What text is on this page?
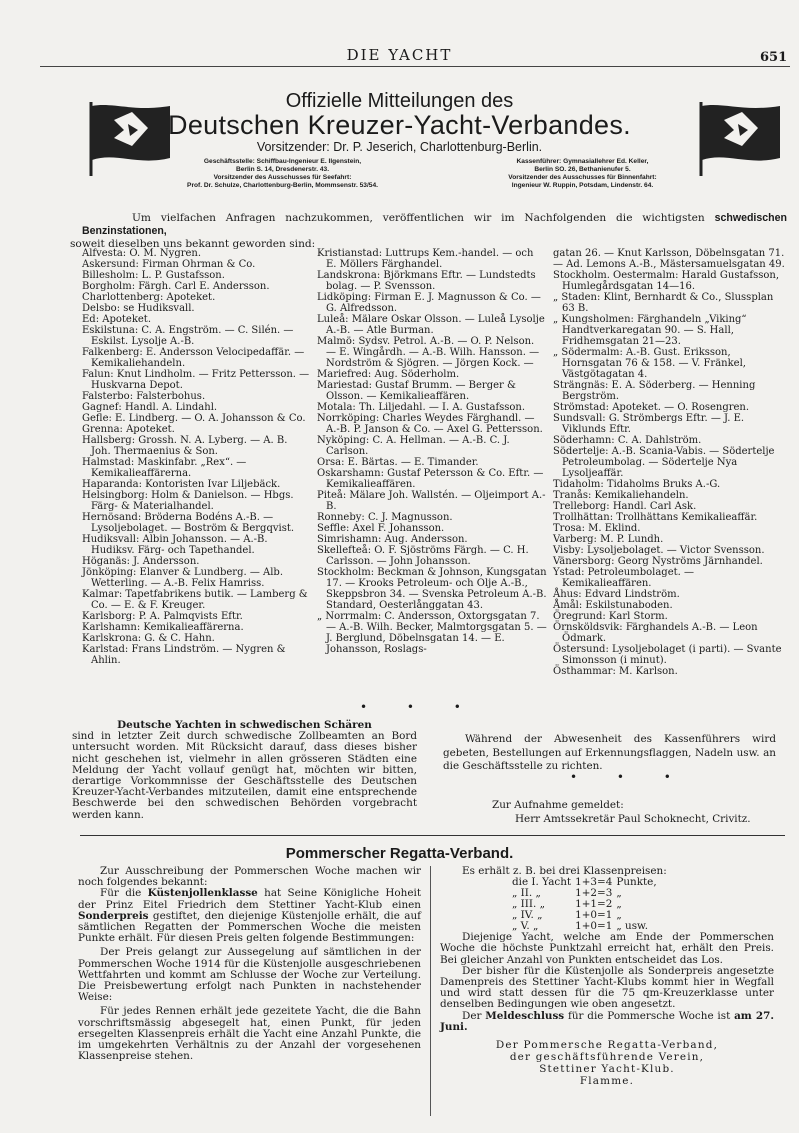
DIE YACHT	651
Offizielle Mitteilungen des
Deutschen Kreuzer-Yacht-Verbandes.
Vorsitzender: Dr. P. Jeserich, Charlottenburg-Berlin.
Geschäftsstelle: Schiffbau-Ingenieur E. Ilgenstein,
Berlin S. 14, Dresdenerstr. 43.
Vorsitzender des Ausschusses für Seefahrt:
Prof. Dr. Schulze, Charlottenburg-Berlin, Mommsenstr. 53/54.
Kassenführer: Gymnasiallehrer Ed. Keller,
Berlin SO. 26, Bethanienufer 5.
Vorsitzender des Ausschusses für Binnenfahrt:
Ingenieur W. Ruppin, Potsdam, Lindenstr. 64.
Um vielfachen Anfragen nachzukommen, veröffentlichen wir im Nachfolgenden die wichtigsten schwedischen Benzinstationen,
soweit dieselben uns bekannt geworden sind:
Alfvesta: O. M. Nygren.
Askersund: Firman Ohrman & Co.
Billesholm: L. P. Gustafsson.
Borgholm: Färgh. Carl E. Andersson.
Charlottenberg: Apoteket.
Delsbo: se Hudiksvall.
Ed: Apoteket.
Eskilstuna: C. A. Engström. — C. Silén. — Eskilst. Lysolje A.-B.
Falkenberg: E. Andersson Velocipedaffär. — Kemikaliehandeln.
Falun: Knut Lindholm. — Fritz Pettersson. — Huskvarna Depot.
Falsterbo: Falsterbohus.
Gagnef: Handl. A. Lindahl.
Gefle: E. Lindberg. — O. A. Johansson & Co.
Grenna: Apoteket.
Hallsberg: Grossh. N. A. Lyberg. — A. B. Joh. Thermaenius & Son.
Halmstad: Maskinfabr. „Rex“. — Kemikalieaffärerna.
Haparanda: Kontoristen Ivar Liljebäck.
Helsingborg: Holm & Danielson. — Hbgs. Färg- & Materialhandel.
Hernösand: Bröderna Bodéns A.-B. — Lysoljebolaget. — Boström & Bergqvist.
Hudiksvall: Albin Johansson. — A.-B. Hudiksv. Färg- och Tapethandel.
Höganäs: J. Andersson.
Jönköping: Elanver & Lundberg. — Alb. Wetterling. — A.-B. Felix Hamriss.
Kalmar: Tapetfabrikens butik. — Lamberg & Co. — E. & F. Kreuger.
Karlsborg: P. A. Palmqvists Eftr.
Karlshamn: Kemikalieaffärerna.
Karlskrona: G. & C. Hahn.
Karlstad: Frans Lindström. — Nygren & Ahlin.
Kristianstad: Luttrups Kem.-handel. — och E. Möllers Färghandel.
Landskrona: Björkmans Eftr. — Lundstedts bolag. — P. Svensson.
Lidköping: Firman E. J. Magnusson & Co. — G. Alfredsson.
Luleå: Mälare Oskar Olsson. — Luleå Lysolje A.-B. — Atle Burman.
Malmö: Sydsv. Petrol. A.-B. — O. P. Nelson. — E. Wingårdh. — A.-B. Wilh. Hansson. — Nordström & Sjögren. — Jörgen Kock. —
Mariefred: Aug. Söderholm.
Mariestad: Gustaf Brumm. — Berger & Olsson. — Kemikalieaffären.
Motala: Th. Liljedahl. — I. A. Gustafsson.
Norrköping: Charles Weydes Färghandl. — A.-B. P. Janson & Co. — Axel G. Pettersson.
Nyköping: C. A. Hellman. — A.-B. C. J. Carlson.
Orsa: E. Bärtas. — E. Timander.
Oskarshamn: Gustaf Petersson & Co. Eftr. — Kemikalieaffären.
Piteå: Mälare Joh. Wallstén. — Oljeimport A.-B.
Ronneby: C. J. Magnusson.
Seffle: Axel F. Johansson.
Simrishamn: Aug. Andersson.
Skellefteå: O. F. Sjöströms Färgh. — C. H. Carlsson. — John Johansson.
Stockholm: Beckman & Johnson, Kungsgatan 17. — Krooks Petroleum- och Olje A.-B., Skeppsbron 34. — Svenska Petroleum A.-B. Standard, Oesterlånggatan 43.
„ Norrmalm: C. Andersson, Oxtorgsgatan 7. — A.-B. Wilh. Becker, Malmtorgsgatan 5. — J. Berglund, Döbelnsgatan 14. — E. Johansson, Roslags-
gatan 26. — Knut Karlsson, Döbelnsgatan 71. — Ad. Lemons A.-B., Mästersamuelsgatan 49.
Stockholm. Oestermalm: Harald Gustafsson, Humlegårdsgatan 14—16.
„ Staden: Klint, Bernhardt & Co., Slussplan 63 B.
„ Kungsholmen: Färghandeln „Viking“ Handtverkaregatan 90. — S. Hall, Fridhemsgatan 21—23.
„ Södermalm: A.-B. Gust. Eriksson, Hornsgatan 76 & 158. — V. Fränkel, Västgötagatan 4.
Strängnäs: E. A. Söderberg. — Henning Bergström.
Strömstad: Apoteket. — O. Rosengren.
Sundsvall: G. Strömbergs Eftr. — J. E. Viklunds Eftr.
Söderhamn: C. A. Dahlström.
Södertelje: A.-B. Scania-Vabis. — Södertelje Petroleumbolag. — Södertelje Nya Lysoljeaffär.
Tidaholm: Tidaholms Bruks A.-G.
Tranås: Kemikaliehandeln.
Trelleborg: Handl. Carl Ask.
Trollhättan: Trollhättans Kemikalieaffär.
Trosa: M. Eklind.
Varberg: M. P. Lundh.
Visby: Lysoljebolaget. — Victor Svensson.
Vänersborg: Georg Nyströms Järnhandel.
Ystad: Petroleumbolaget. — Kemikalieaffären.
Åhus: Edvard Lindström.
Åmål: Eskilstunaboden.
Öregrund: Karl Storm.
Örnsköldsvik: Färghandels A.-B. — Leon Ödmark.
Östersund: Lysoljebolaget (i parti). — Svante Simonsson (i minut).
Östhammar: M. Karlson.
• • •
Deutsche Yachten in schwedischen Schären

sind in letzter Zeit durch schwedische Zollbeamten an Bord untersucht worden. Mit Rücksicht darauf, dass dieses bisher nicht geschehen ist, vielmehr in allen grösseren Städten eine Meldung der Yacht vollauf genügt hat, möchten wir bitten, derartige Vorkommnisse der Geschäftsstelle des Deutschen Kreuzer-Yacht-Verbandes mitzuteilen, damit eine entsprechende Beschwerde bei den schwedischen Behörden vorgebracht werden kann.

Während der Abwesenheit des Kassenführers wird gebeten, Bestellungen auf Erkennungsflaggen, Nadeln usw. an die Geschäftsstelle zu richten.

• • •
Zur Aufnahme gemeldet:
Herr Amtssekretär Paul Schoknecht, Crivitz.
Pommerscher Regatta-Verband.

Zur Ausschreibung der Pommerschen Woche machen wir noch folgendes bekannt:

Für die Küstenjollenklasse hat Seine Königliche Hoheit der Prinz Eitel Friedrich dem Stettiner Yacht-Klub einen Sonderpreis gestiftet, den diejenige Küstenjolle erhält, die auf sämtlichen Regatten der Pommerschen Woche die meisten Punkte erhält. Für diesen Preis gelten folgende Bestimmungen:

Der Preis gelangt zur Aussegelung auf sämtlichen in der Pommerschen Woche 1914 für die Küstenjolle ausgeschriebenen Wettfahrten und kommt am Schlusse der Woche zur Verteilung. Die Preisbewertung erfolgt nach Punkten in nachstehender Weise:

Für jedes Rennen erhält jede gezeitete Yacht, die die Bahn vorschriftsmässig abgesegelt hat, einen Punkt, für jeden ersegelten Klassenpreis erhält die Yacht eine Anzahl Punkte, die im umgekehrten Verhältnis zu der Anzahl der vorgesehenen Klassenpreise stehen.

Es erhält z. B. bei drei Klassenpreisen:

die I. Yacht	1+3=4	Punkte,
„ II. „	1+2=3	„
„ III. „	1+1=2	„
„ IV. „	1+0=1	„
„ V. „	1+0=1	„ usw.

Diejenige Yacht, welche am Ende der Pommerschen Woche die höchste Punktzahl erreicht hat, erhält den Preis. Bei gleicher Anzahl von Punkten entscheidet das Los.

Der bisher für die Küstenjolle als Sonderpreis angesetzte Damenpreis des Stettiner Yacht-Klubs kommt hier in Wegfall und wird statt dessen für die 75 qm-Kreuzerklasse unter denselben Bedingungen wie oben angesetzt.

Der Meldeschluss für die Pommersche Woche ist am 27. Juni.

Der Pommersche Regatta-Verband,
der geschäftsführende Verein,
Stettiner Yacht-Klub.
Flamme.
